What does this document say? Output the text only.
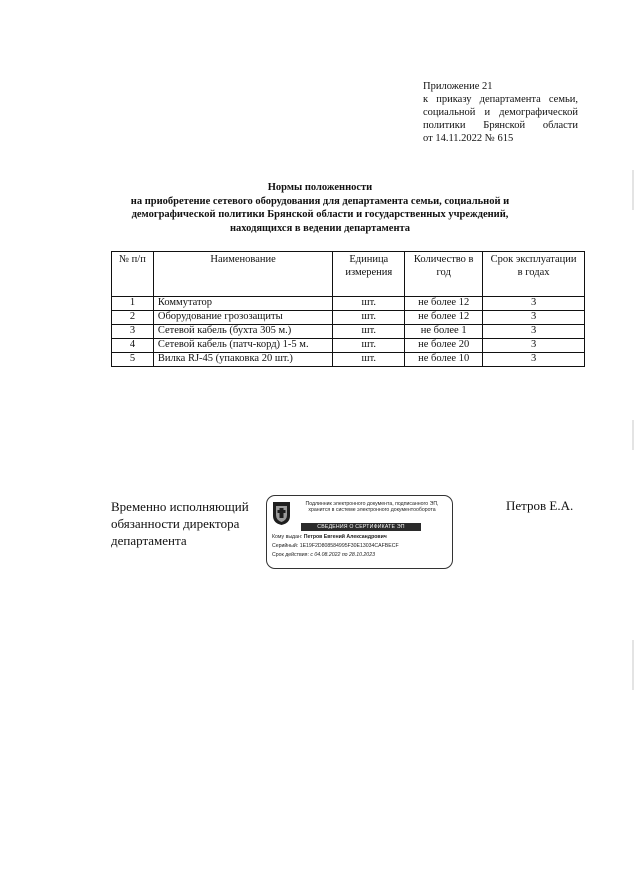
Приложение 21
к приказу департамента семьи,
социальной и демографической
политики Брянской области
от 14.11.2022 № 615
Нормы положенности
на приобретение сетевого оборудования для департамента семьи, социальной и
демографической политики Брянской области и государственных учреждений,
находящихся в ведении департамента
№ п/п	Наименование	Единица измерения	Количество в год	Срок эксплуатации в годах
1	Коммутатор	шт.	не более 12	3
2	Оборудование грозозащиты	шт.	не более 12	3
3	Сетевой кабель (бухта 305 м.)	шт.	не более 1	3
4	Сетевой кабель (патч-корд) 1-5 м.	шт.	не более 20	3
5	Вилка RJ-45 (упаковка 20 шт.)	шт.	не более 10	3
Временно исполняющий
обязанности директора
департамента
Подлинник электронного документа, подписанного ЭП,
хранится в системе электронного документооборота
СВЕДЕНИЯ О СЕРТИФИКАТЕ ЭП
Кому выдан: Петров Евгений Александрович
Серийный: 1E19F2D808584995F30E13034CAFBECF
Срок действия: с 04.08.2022 по 28.10.2023
Петров Е.А.
